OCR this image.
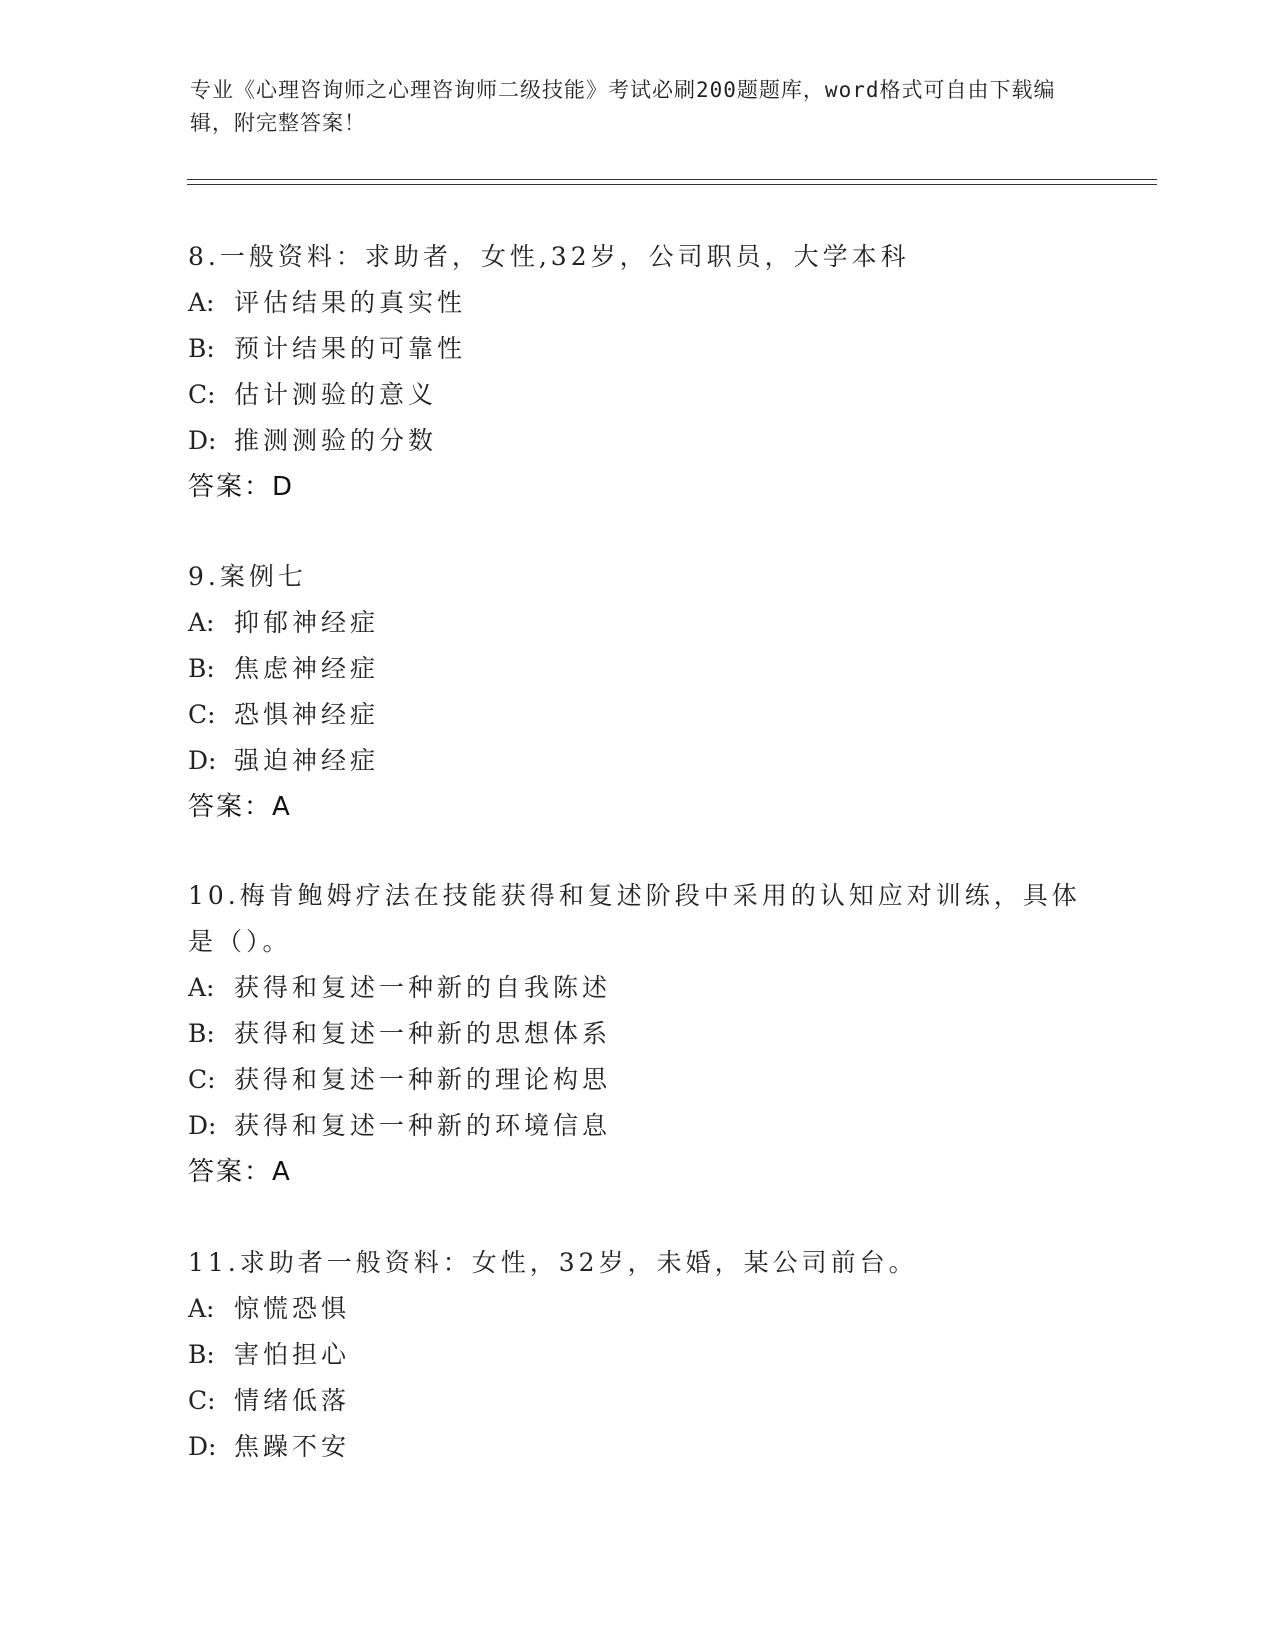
专业《心理咨询师之心理咨询师二级技能》考试必刷200题题库，word格式可自由下载编辑，附完整答案！

8.一般资料：求助者，女性,32岁，公司职员，大学本科

A: 评估结果的真实性

B: 预计结果的可靠性

C: 估计测验的意义

D: 推测测验的分数

答案：D

9.案例七

A: 抑郁神经症

B: 焦虑神经症

C: 恐惧神经症

D: 强迫神经症

答案：A

10.梅肯鲍姆疗法在技能获得和复述阶段中采用的认知应对训练，具体是（）。

A: 获得和复述一种新的自我陈述

B: 获得和复述一种新的思想体系

C: 获得和复述一种新的理论构思

D: 获得和复述一种新的环境信息

答案：A

11.求助者一般资料：女性，32岁，未婚，某公司前台。

A: 惊慌恐惧

B: 害怕担心

C: 情绪低落

D: 焦躁不安
